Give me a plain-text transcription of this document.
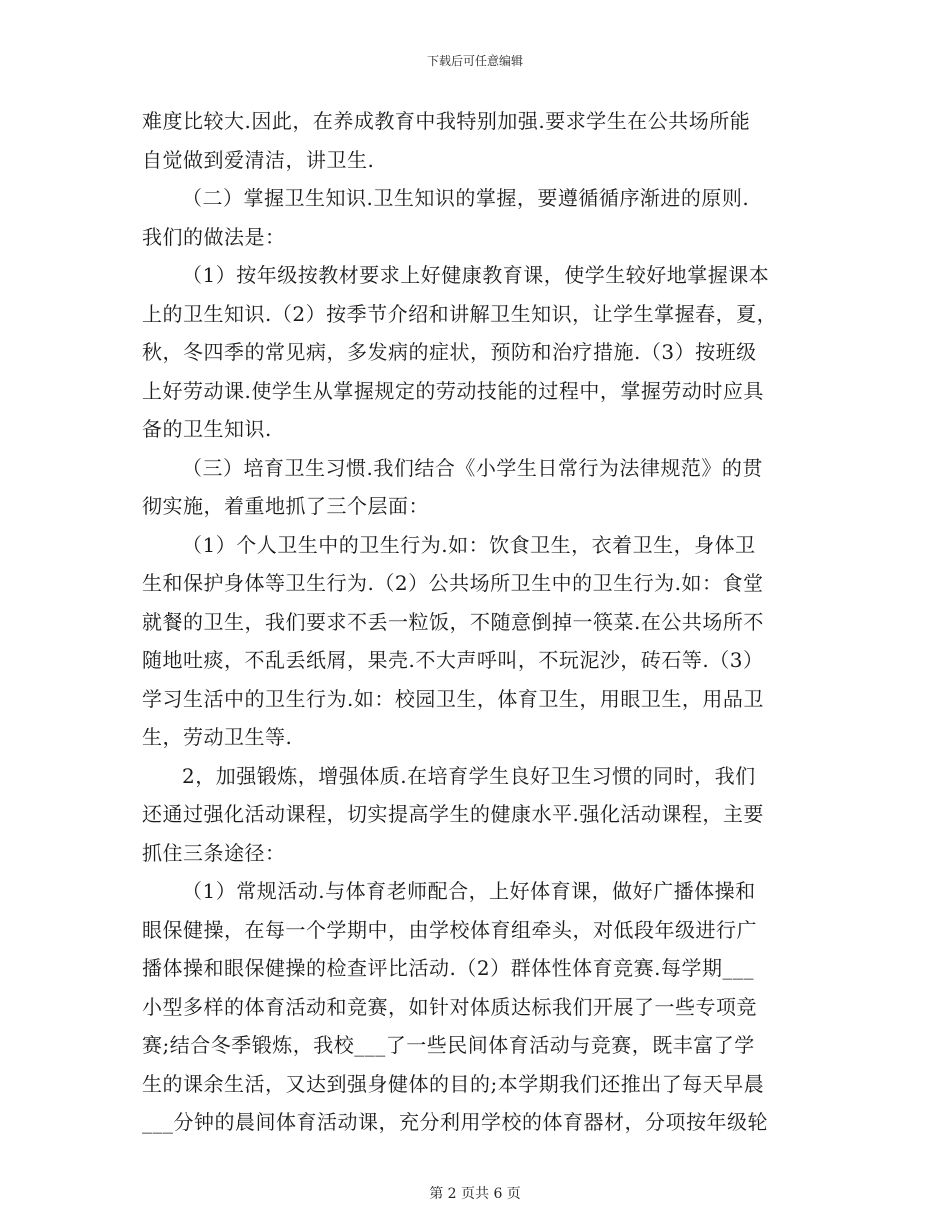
下载后可任意编辑
难度比较大.因此，在养成教育中我特别加强.要求学生在公共场所能
自觉做到爱清洁，讲卫生.
（二）掌握卫生知识.卫生知识的掌握，要遵循循序渐进的原则.
我们的做法是：
（1）按年级按教材要求上好健康教育课，使学生较好地掌握课本
上的卫生知识.（2）按季节介绍和讲解卫生知识，让学生掌握春，夏，
秋，冬四季的常见病，多发病的症状，预防和治疗措施.（3）按班级
上好劳动课.使学生从掌握规定的劳动技能的过程中，掌握劳动时应具
备的卫生知识.
（三）培育卫生习惯.我们结合《小学生日常行为法律规范》的贯
彻实施，着重地抓了三个层面：
（1）个人卫生中的卫生行为.如：饮食卫生，衣着卫生，身体卫
生和保护身体等卫生行为.（2）公共场所卫生中的卫生行为.如：食堂
就餐的卫生，我们要求不丢一粒饭，不随意倒掉一筷菜.在公共场所不
随地吐痰，不乱丢纸屑，果壳.不大声呼叫，不玩泥沙，砖石等.（3）
学习生活中的卫生行为.如：校园卫生，体育卫生，用眼卫生，用品卫
生，劳动卫生等.
2，加强锻炼，增强体质.在培育学生良好卫生习惯的同时，我们
还通过强化活动课程，切实提高学生的健康水平.强化活动课程，主要
抓住三条途径：
（1）常规活动.与体育老师配合，上好体育课，做好广播体操和
眼保健操，在每一个学期中，由学校体育组牵头，对低段年级进行广
播体操和眼保健操的检查评比活动.（2）群体性体育竞赛.每学期___
小型多样的体育活动和竞赛，如针对体质达标我们开展了一些专项竞
赛;结合冬季锻炼，我校___了一些民间体育活动与竞赛，既丰富了学
生的课余生活，又达到强身健体的目的;本学期我们还推出了每天早晨
___分钟的晨间体育活动课，充分利用学校的体育器材，分项按年级轮
第 2 页共 6 页
